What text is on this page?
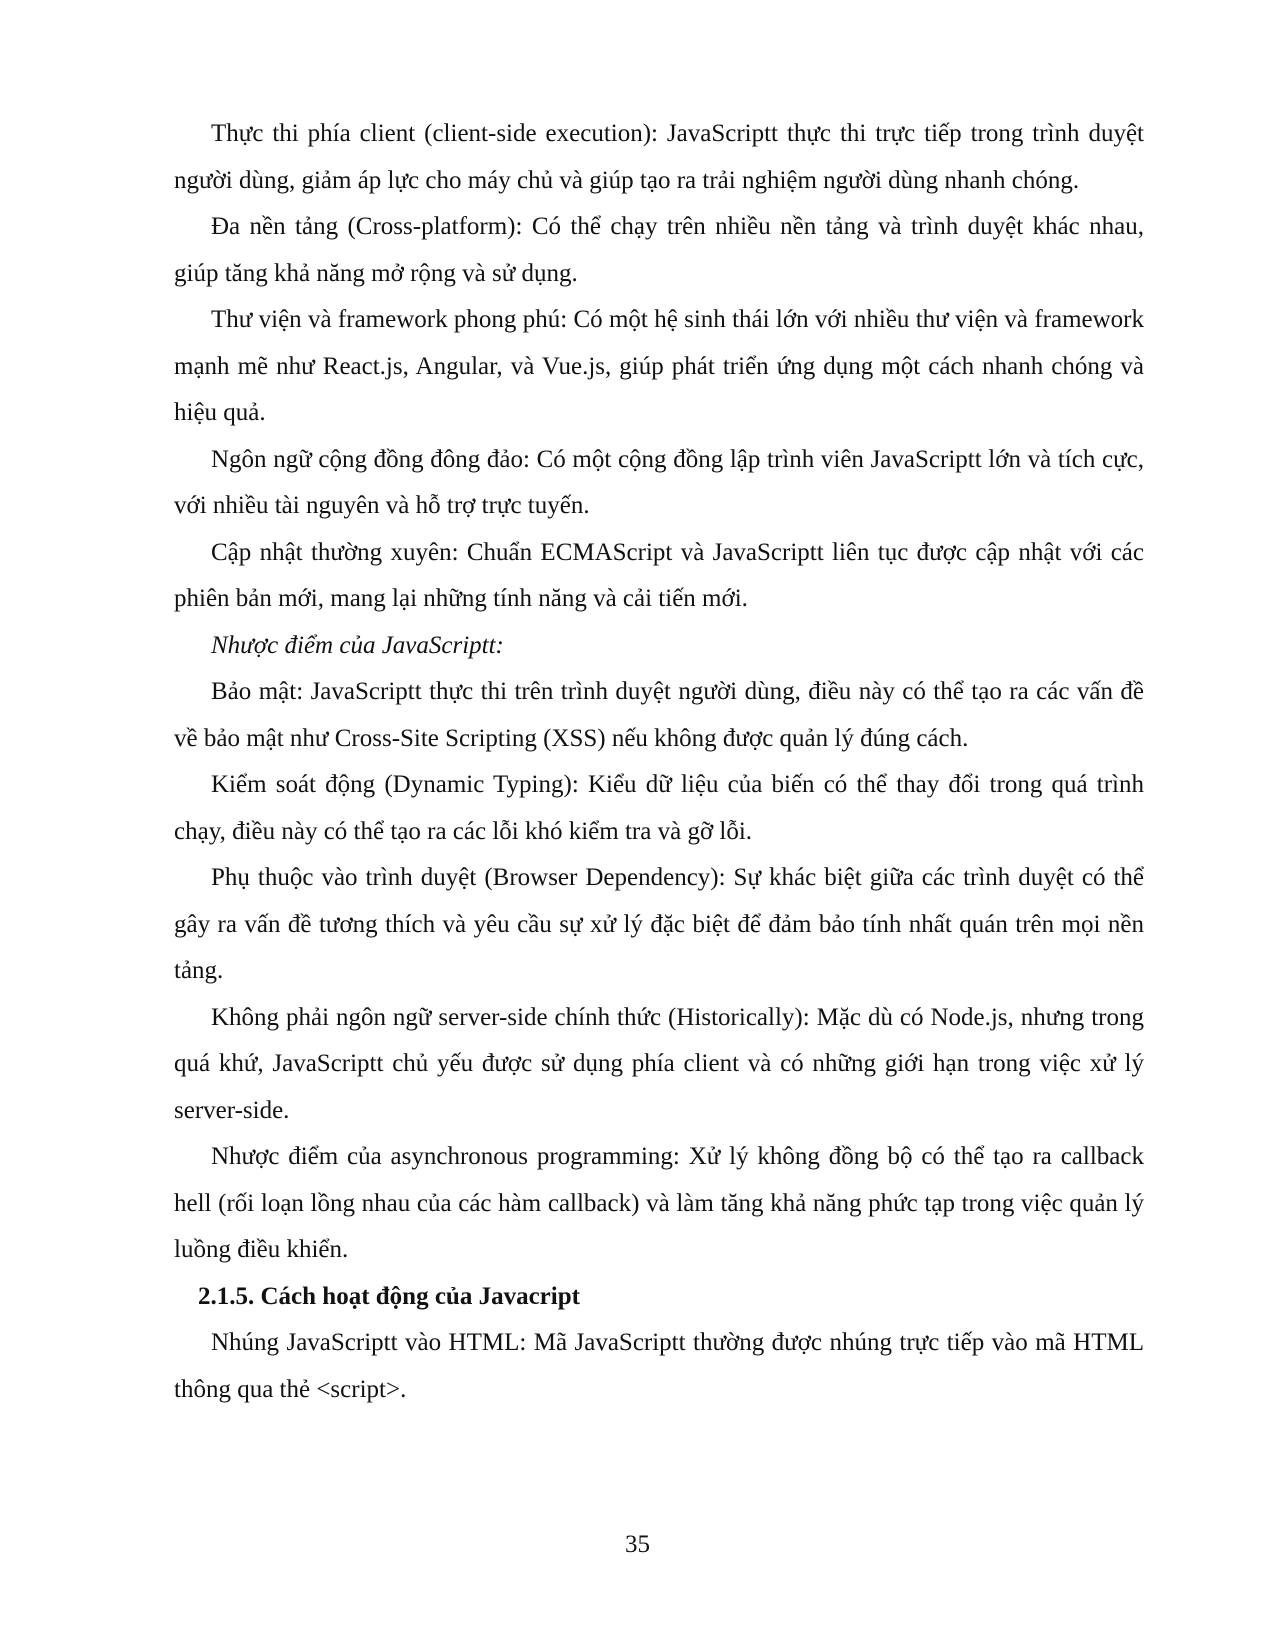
Thực thi phía client (client-side execution): JavaScriptt thực thi trực tiếp trong trình duyệt người dùng, giảm áp lực cho máy chủ và giúp tạo ra trải nghiệm người dùng nhanh chóng.

Đa nền tảng (Cross-platform): Có thể chạy trên nhiều nền tảng và trình duyệt khác nhau, giúp tăng khả năng mở rộng và sử dụng.

Thư viện và framework phong phú: Có một hệ sinh thái lớn với nhiều thư viện và framework mạnh mẽ như React.js, Angular, và Vue.js, giúp phát triển ứng dụng một cách nhanh chóng và hiệu quả.

Ngôn ngữ cộng đồng đông đảo: Có một cộng đồng lập trình viên JavaScriptt lớn và tích cực, với nhiều tài nguyên và hỗ trợ trực tuyến.

Cập nhật thường xuyên: Chuẩn ECMAScript và JavaScriptt liên tục được cập nhật với các phiên bản mới, mang lại những tính năng và cải tiến mới.

Nhược điểm của JavaScriptt:

Bảo mật: JavaScriptt thực thi trên trình duyệt người dùng, điều này có thể tạo ra các vấn đề về bảo mật như Cross-Site Scripting (XSS) nếu không được quản lý đúng cách.

Kiểm soát động (Dynamic Typing): Kiểu dữ liệu của biến có thể thay đổi trong quá trình chạy, điều này có thể tạo ra các lỗi khó kiểm tra và gỡ lỗi.

Phụ thuộc vào trình duyệt (Browser Dependency): Sự khác biệt giữa các trình duyệt có thể gây ra vấn đề tương thích và yêu cầu sự xử lý đặc biệt để đảm bảo tính nhất quán trên mọi nền tảng.

Không phải ngôn ngữ server-side chính thức (Historically): Mặc dù có Node.js, nhưng trong quá khứ, JavaScriptt chủ yếu được sử dụng phía client và có những giới hạn trong việc xử lý server-side.

Nhược điểm của asynchronous programming: Xử lý không đồng bộ có thể tạo ra callback hell (rối loạn lồng nhau của các hàm callback) và làm tăng khả năng phức tạp trong việc quản lý luồng điều khiển.

2.1.5. Cách hoạt động của Javacript

Nhúng JavaScriptt vào HTML: Mã JavaScriptt thường được nhúng trực tiếp vào mã HTML thông qua thẻ <script>.

35
